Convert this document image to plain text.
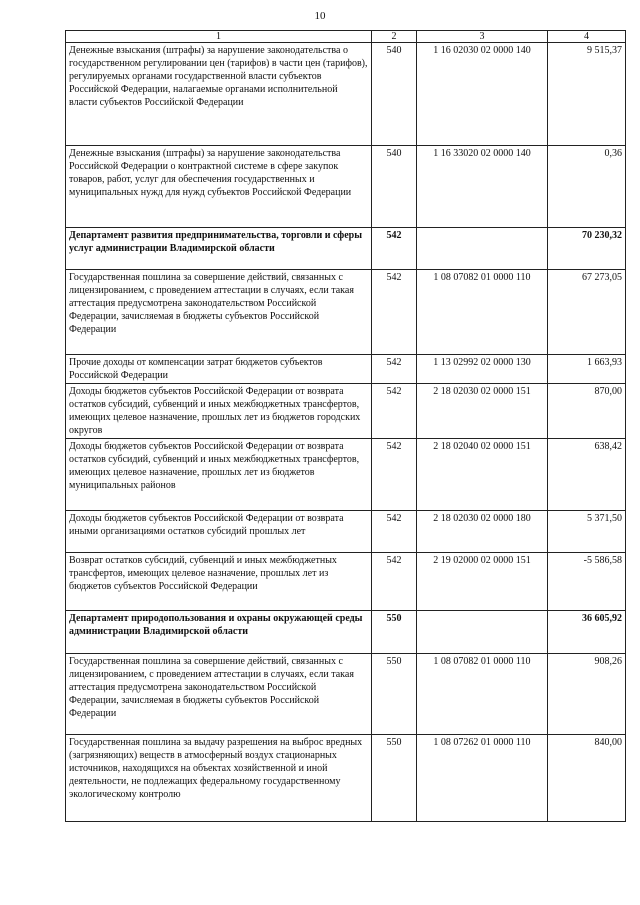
10
1	2	3	4
Денежные взыскания (штрафы) за нарушение законодательства о государственном регулировании цен (тарифов) в части цен (тарифов), регулируемых органами государственной власти субъектов Российской Федерации, налагаемые органами исполнительной власти субъектов Российской Федерации	540	1 16 02030 02 0000 140	9 515,37
Денежные взыскания (штрафы) за нарушение законодательства Российской Федерации о контрактной системе в сфере закупок товаров, работ, услуг для обеспечения государственных и муниципальных нужд для нужд субъектов Российской Федерации	540	1 16 33020 02 0000 140	0,36
Департамент развития предпринимательства, торговли и сферы услуг администрации Владимирской области	542		70 230,32
Государственная пошлина за совершение действий, связанных с лицензированием, с проведением аттестации в случаях, если такая аттестация предусмотрена законодательством Российской Федерации, зачисляемая в бюджеты субъектов Российской Федерации	542	1 08 07082 01 0000 110	67 273,05
Прочие доходы от компенсации затрат бюджетов субъектов Российской Федерации	542	1 13 02992 02 0000 130	1 663,93
Доходы бюджетов субъектов Российской Федерации от возврата остатков субсидий, субвенций и иных межбюджетных трансфертов, имеющих целевое назначение, прошлых лет из бюджетов городских округов	542	2 18 02030 02 0000 151	870,00
Доходы бюджетов субъектов Российской Федерации от возврата остатков субсидий, субвенций и иных межбюджетных трансфертов, имеющих целевое назначение, прошлых лет из бюджетов муниципальных районов	542	2 18 02040 02 0000 151	638,42
Доходы бюджетов субъектов Российской Федерации от возврата иными организациями остатков субсидий прошлых лет	542	2 18 02030 02 0000 180	5 371,50
Возврат остатков субсидий, субвенций и иных межбюджетных трансфертов, имеющих целевое назначение, прошлых лет из бюджетов субъектов Российской Федерации	542	2 19 02000 02 0000 151	-5 586,58
Департамент природопользования и охраны окружающей среды администрации Владимирской области	550		36 605,92
Государственная пошлина за совершение действий, связанных с лицензированием, с проведением аттестации в случаях, если такая аттестация предусмотрена законодательством Российской Федерации, зачисляемая в бюджеты субъектов Российской Федерации	550	1 08 07082 01 0000 110	908,26
Государственная пошлина за выдачу разрешения на выброс вредных (загрязняющих) веществ в атмосферный воздух стационарных источников, находящихся на объектах хозяйственной и иной деятельности, не подлежащих федеральному государственному экологическому контролю	550	1 08 07262 01 0000 110	840,00
